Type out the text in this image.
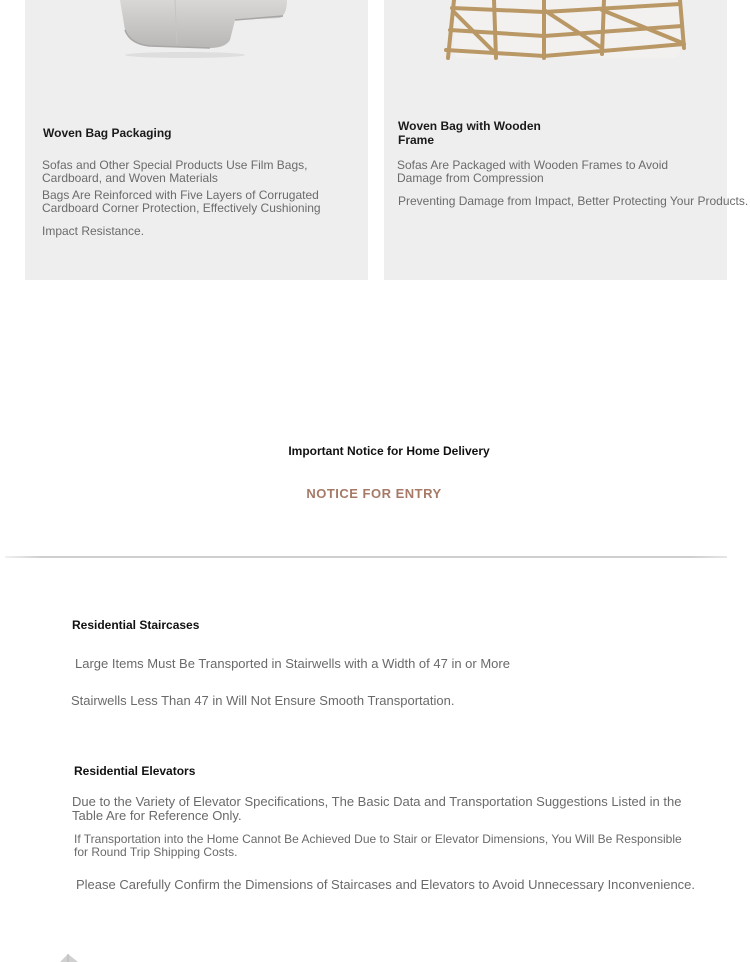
Woven Bag Packaging
Sofas and Other Special Products Use Film Bags, Cardboard, and Woven Materials
Bags Are Reinforced with Five Layers of Corrugated Cardboard Corner Protection, Effectively Cushioning
Impact Resistance.
Woven Bag with Wooden Frame
Sofas Are Packaged with Wooden Frames to Avoid Damage from Compression
Preventing Damage from Impact, Better Protecting Your Products.
Important Notice for Home Delivery
NOTICE FOR ENTRY
Residential Staircases
Large Items Must Be Transported in Stairwells with a Width of 47 in or More
Stairwells Less Than 47 in Will Not Ensure Smooth Transportation.
Residential Elevators
Due to the Variety of Elevator Specifications, The Basic Data and Transportation Suggestions Listed in the Table Are for Reference Only.
If Transportation into the Home Cannot Be Achieved Due to Stair or Elevator Dimensions, You Will Be Responsible for Round Trip Shipping Costs.
Please Carefully Confirm the Dimensions of Staircases and Elevators to Avoid Unnecessary Inconvenience.
